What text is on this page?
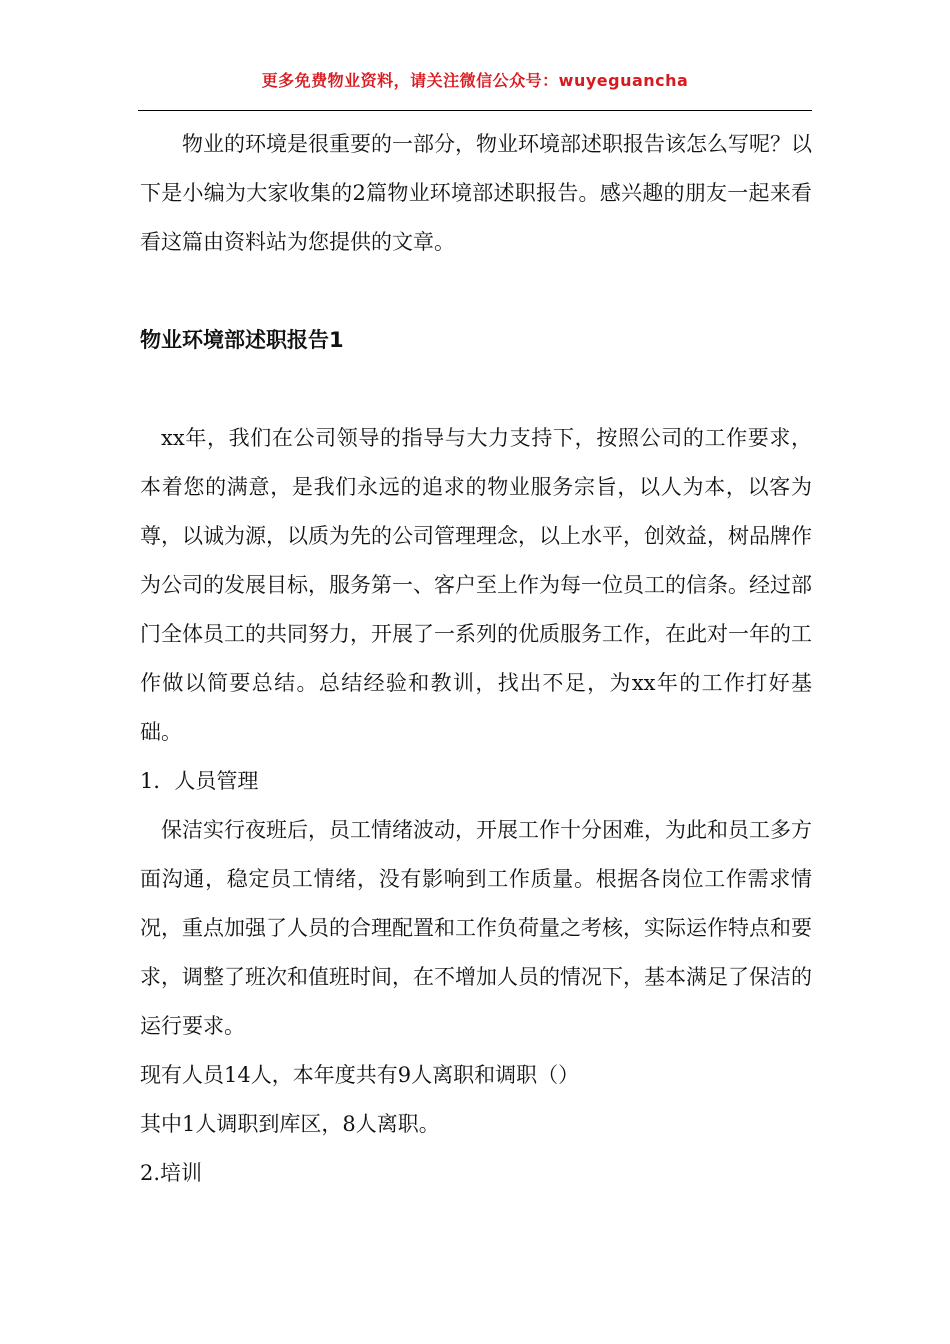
更多免费物业资料，请关注微信公众号：wuyeguancha

物业的环境是很重要的一部分，物业环境部述职报告该怎么写呢？以下是小编为大家收集的2篇物业环境部述职报告。感兴趣的朋友一起来看看这篇由资料站为您提供的文章。

物业环境部述职报告1

xx年，我们在公司领导的指导与大力支持下，按照公司的工作要求，本着您的满意，是我们永远的追求的物业服务宗旨，以人为本，以客为尊，以诚为源，以质为先的公司管理理念，以上水平，创效益，树品牌作为公司的发展目标，服务第一、客户至上作为每一位员工的信条。经过部门全体员工的共同努力，开展了一系列的优质服务工作，在此对一年的工作做以简要总结。总结经验和教训，找出不足，为xx年的工作打好基础。

1．人员管理

保洁实行夜班后，员工情绪波动，开展工作十分困难，为此和员工多方面沟通，稳定员工情绪，没有影响到工作质量。根据各岗位工作需求情况，重点加强了人员的合理配置和工作负荷量之考核，实际运作特点和要求，调整了班次和值班时间，在不增加人员的情况下，基本满足了保洁的运行要求。

现有人员14人，本年度共有9人离职和调职（）

其中1人调职到库区，8人离职。

2.培训
